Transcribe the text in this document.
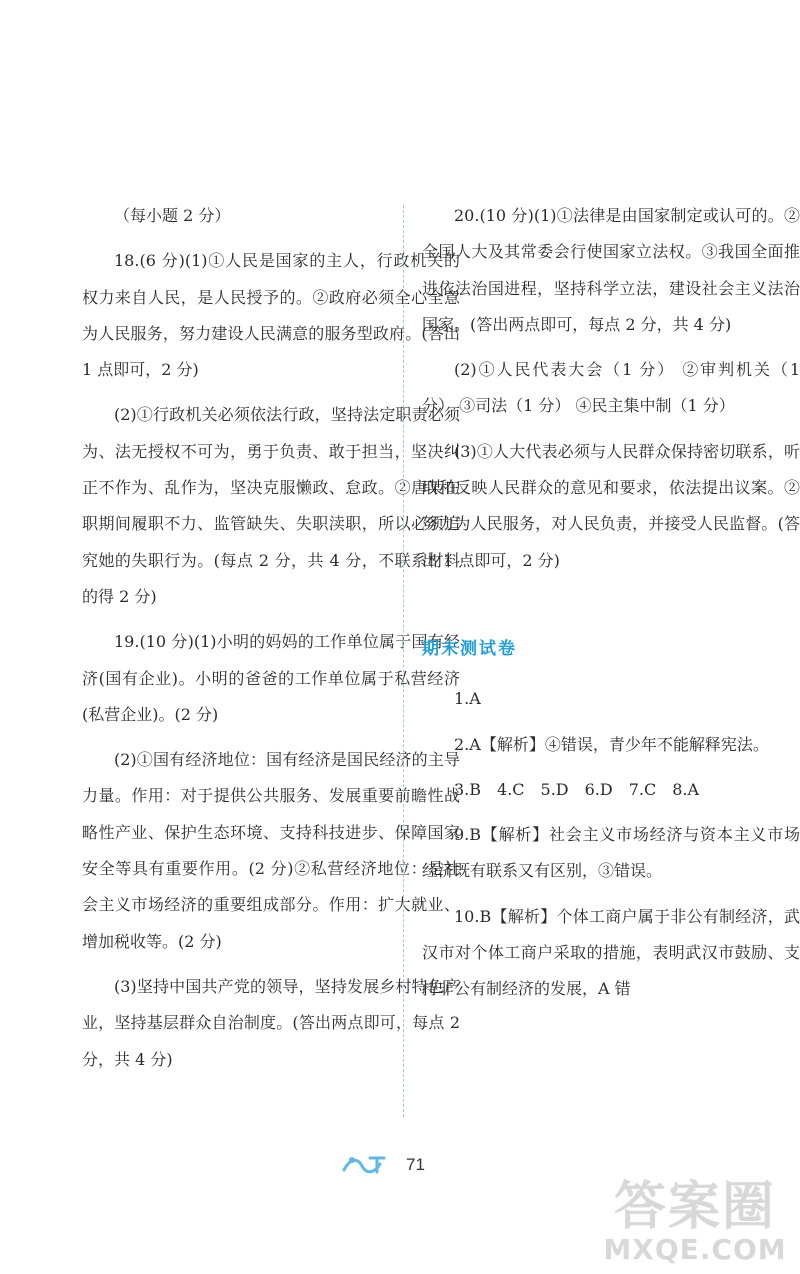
（每小题 2 分）

18.(6 分)(1)①人民是国家的主人，行政机关的权力来自人民，是人民授予的。②政府必须全心全意为人民服务，努力建设人民满意的服务型政府。(答出 1 点即可，2 分)

(2)①行政机关必须依法行政，坚持法定职责必须为、法无授权不可为，勇于负责、敢于担当，坚决纠正不作为、乱作为，坚决克服懒政、怠政。②唐某在职期间履职不力、监管缺失、失职渎职，所以必须追究她的失职行为。(每点 2 分，共 4 分，不联系材料的得 2 分)

19.(10 分)(1)小明的妈妈的工作单位属于国有经济(国有企业)。小明的爸爸的工作单位属于私营经济(私营企业)。(2 分)

(2)①国有经济地位：国有经济是国民经济的主导力量。作用：对于提供公共服务、发展重要前瞻性战略性产业、保护生态环境、支持科技进步、保障国家安全等具有重要作用。(2 分)②私营经济地位：是社会主义市场经济的重要组成部分。作用：扩大就业、增加税收等。(2 分)

(3)坚持中国共产党的领导，坚持发展乡村特色产业，坚持基层群众自治制度。(答出两点即可，每点 2 分，共 4 分)

20.(10 分)(1)①法律是由国家制定或认可的。②全国人大及其常委会行使国家立法权。③我国全面推进依法治国进程，坚持科学立法，建设社会主义法治国家。(答出两点即可，每点 2 分，共 4 分)

(2)①人民代表大会（1 分） ②审判机关（1 分） ③司法（1 分） ④民主集中制（1 分）

(3)①人大代表必须与人民群众保持密切联系，听取和反映人民群众的意见和要求，依法提出议案。②努力为人民服务，对人民负责，并接受人民监督。(答出 1 点即可，2 分)

期末测试卷

1.A

2.A【解析】④错误，青少年不能解释宪法。

3.B　4.C　5.D　6.D　7.C　8.A

9.B【解析】社会主义市场经济与资本主义市场经济既有联系又有区别，③错误。

10.B【解析】个体工商户属于非公有制经济，武汉市对个体工商户采取的措施，表明武汉市鼓励、支持非公有制经济的发展，A 错

71
答案圈
MXQE.COM
